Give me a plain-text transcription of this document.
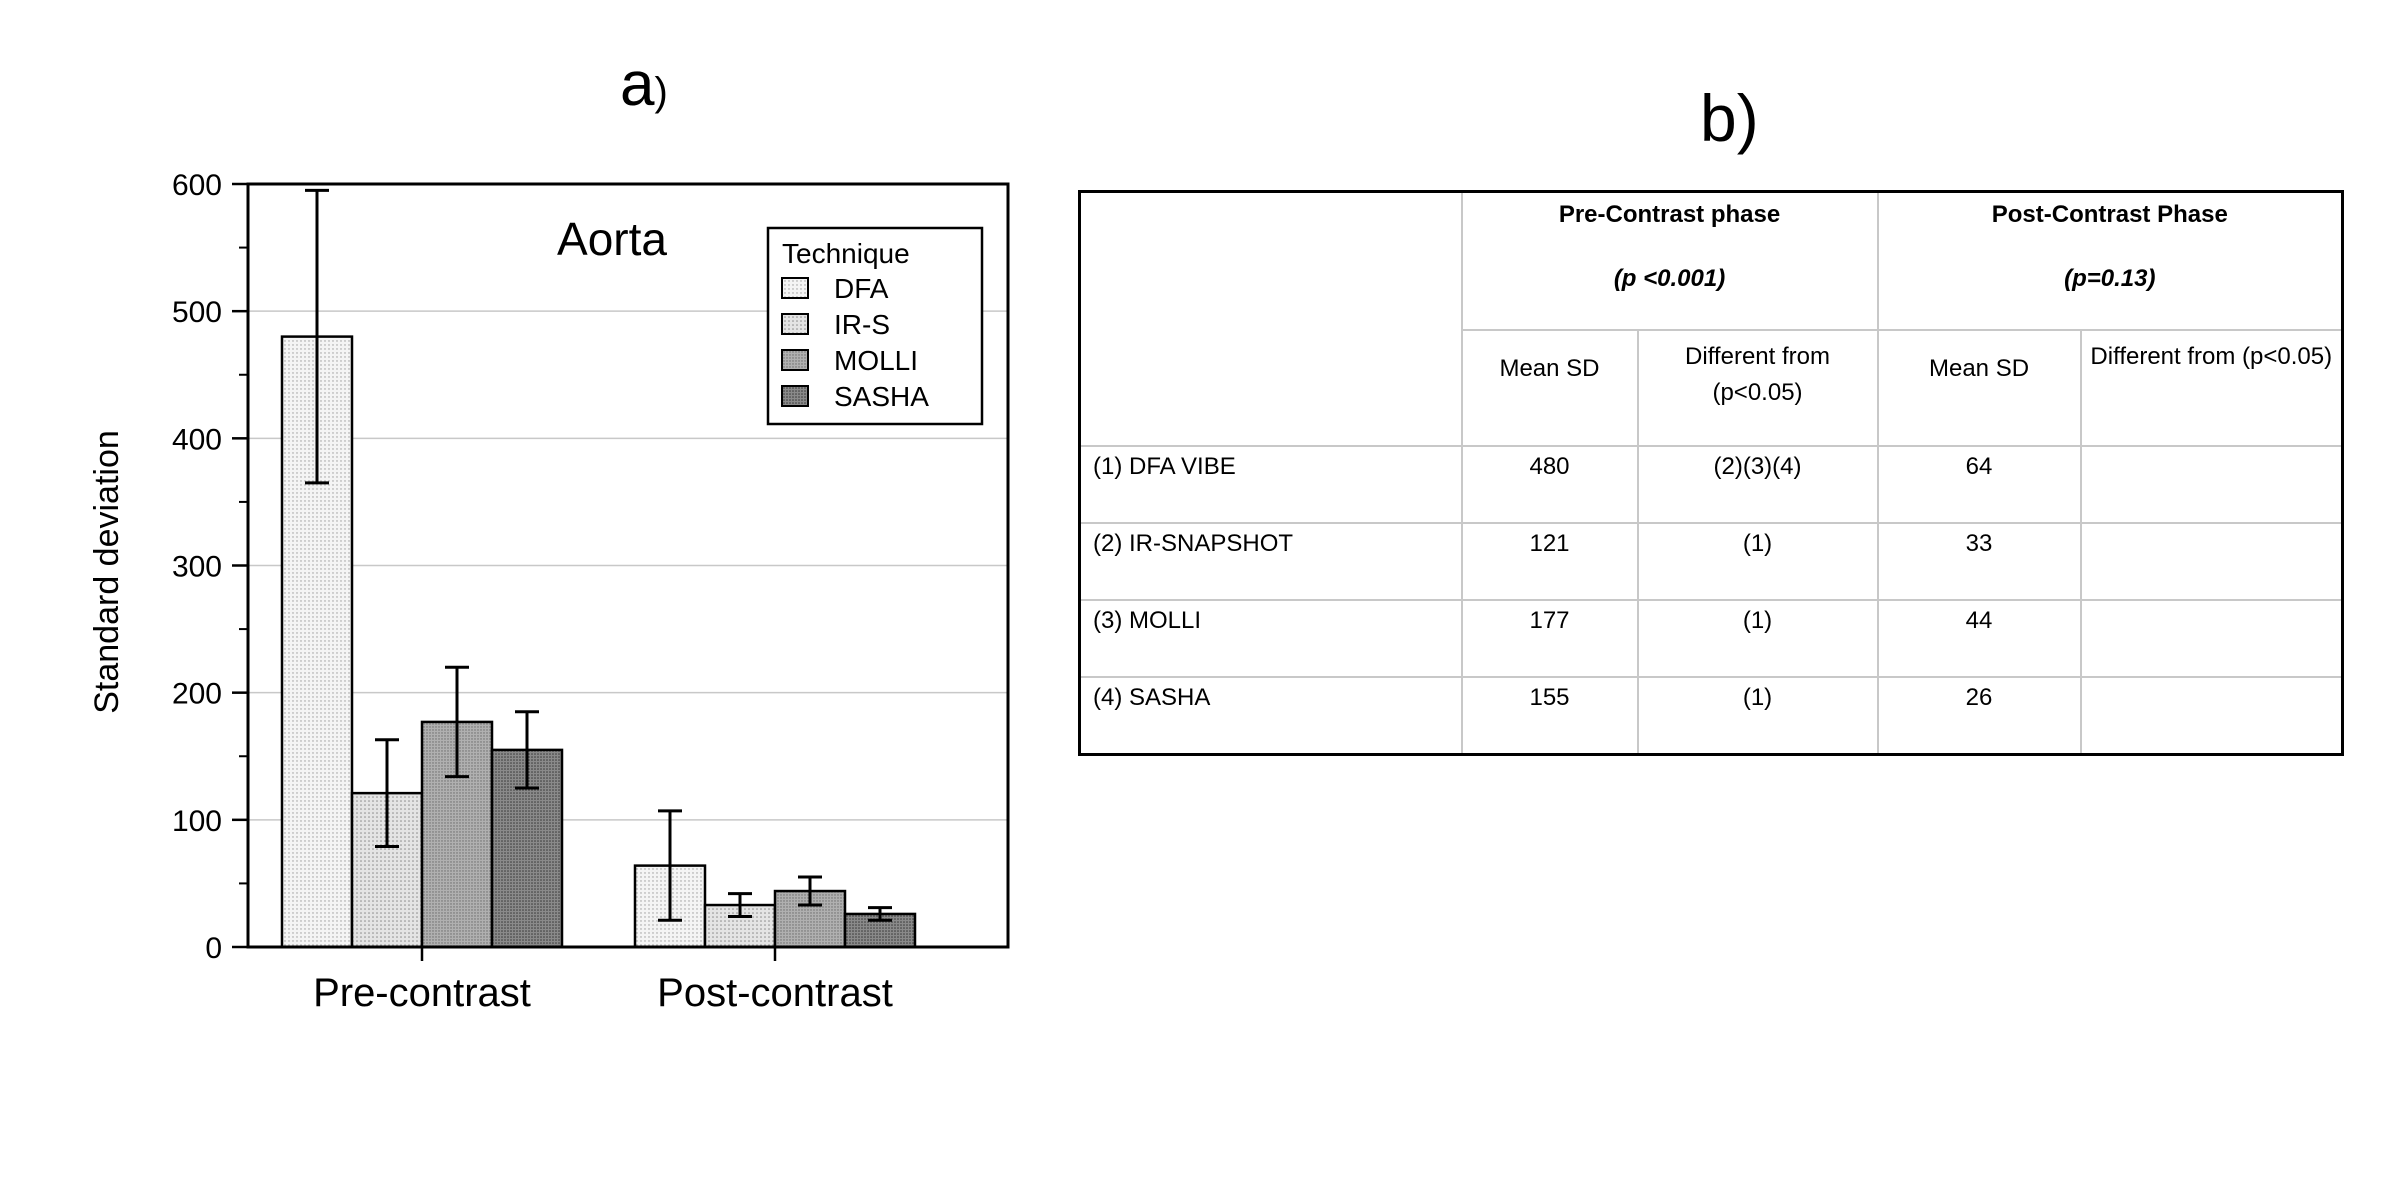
a)
0
100
200
300
400
500
600
Pre-contrast	Post-contrast
Aorta
Standard deviation
Technique
DFA
IR-S
MOLLI
SASHA
b)

	Pre-Contrast phase
(p <0.001)		Post-Contrast Phase
(p=0.13)	

	Mean SD	Different from (p<0.05)	Mean SD	Different from (p<0.05)
(1) DFA VIBE	480	(2)(3)(4)	64	
(2) IR-SNAPSHOT	121	(1)	33	
(3) MOLLI	177	(1)	44	
(4) SASHA	155	(1)	26	
